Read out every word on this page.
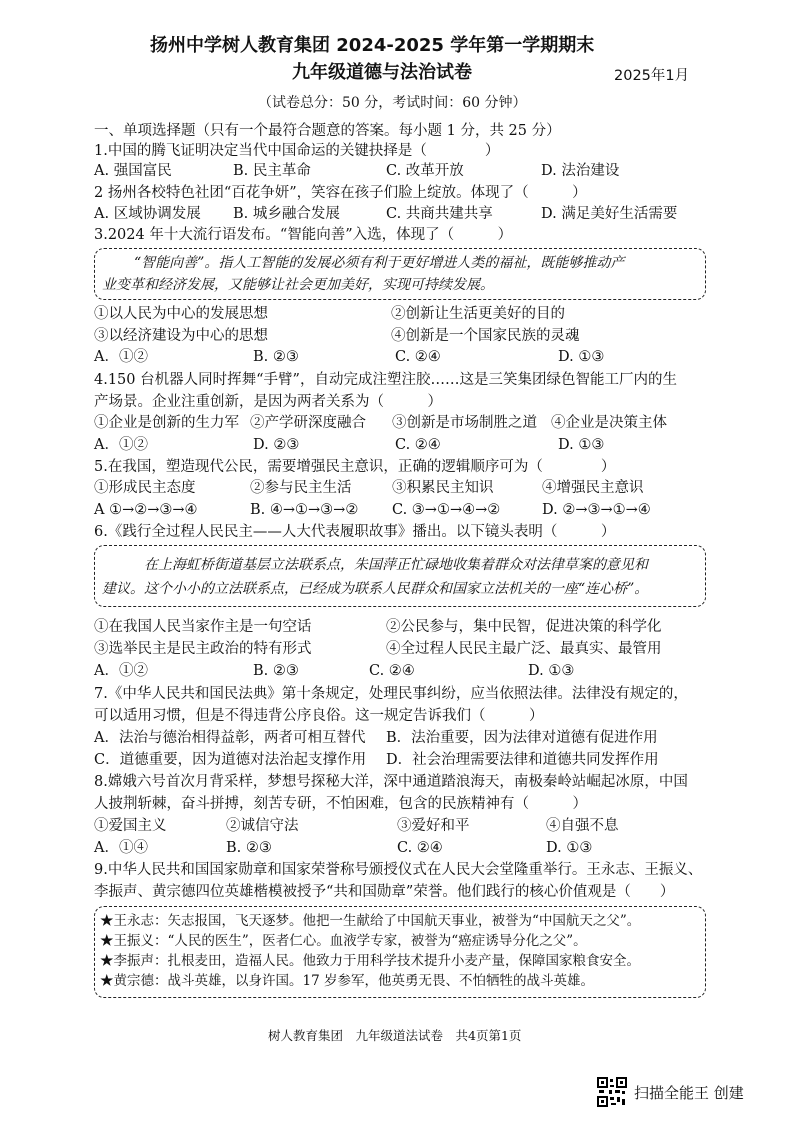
扬州中学树人教育集团 2024-2025 学年第一学期期末
九年级道德与法治试卷	2025年1月
（试卷总分：50 分，考试时间：60 分钟）
一、单项选择题（只有一个最符合题意的答案。每小题 1 分，共 25 分）
1.中国的腾飞证明决定当代中国命运的关键抉择是（　　　　）
A. 强国富民	B. 民主革命	C. 改革开放	D. 法治建设
2 扬州各校特色社团“百花争妍”，笑容在孩子们脸上绽放。体现了（　　　）
A. 区域协调发展 B. 城乡融合发展	C. 共商共建共享	D. 满足美好生活需要
3.2024 年十大流行语发布。“智能向善”入选，体现了（　　　）
“智能向善”。指人工智能的发展必须有利于更好增进人类的福祉，既能够推动产
业变革和经济发展，又能够让社会更加美好，实现可持续发展。
①以人民为中心的发展思想	②创新让生活更美好的目的
③以经济建设为中心的思想	④创新是一个国家民族的灵魂
A．①②	B. ②③	C. ②④	D. ①③
4.150 台机器人同时挥舞“手臂”，自动完成注塑注胶……这是三笑集团绿色智能工厂内的生
产场景。企业注重创新，是因为两者关系为（　　　）
①企业是创新的生力军 ②产学研深度融合 ③创新是市场制胜之道 ④企业是决策主体
A．①②	D. ②③	C. ②④	D. ①③
5.在我国，塑造现代公民，需要增强民主意识，正确的逻辑顺序可为（　　　　）
①形成民主态度	②参与民主生活	③积累民主知识	④增强民主意识
A ①→②→③→④	B. ④→①→③→② C. ③→①→④→②	D. ②→③→①→④
6.《践行全过程人民民主——人大代表履职故事》播出。以下镜头表明（　　　）
在上海虹桥街道基层立法联系点，朱国萍正忙碌地收集着群众对法律草案的意见和
建议。这个小小的立法联系点，已经成为联系人民群众和国家立法机关的一座“连心桥”。
①在我国人民当家作主是一句空话	②公民参与，集中民智，促进决策的科学化
③选举民主是民主政治的特有形式	④全过程人民民主最广泛、最真实、最管用
A．①②	B. ②③	C. ②④	D. ①③
7.《中华人民共和国民法典》第十条规定，处理民事纠纷，应当依照法律。法律没有规定的，
可以适用习惯，但是不得违背公序良俗。这一规定告诉我们（　　　）
A．法治与德治相得益彰，两者可相互替代 B．法治重要，因为法律对道德有促进作用
C．道德重要，因为道德对法治起支撑作用 D．社会治理需要法律和道德共同发挥作用
8.嫦娥六号首次月背采样，梦想号探秘大洋，深中通道踏浪海天，南极秦岭站崛起冰原，中国
人披荆斩棘，奋斗拼搏，刻苦专研，不怕困难，包含的民族精神有（　　　）
①爱国主义	②诚信守法	③爱好和平	④自强不息
A．①④	B. ②③	C. ②④	D. ①③
9.中华人民共和国国家勋章和国家荣誉称号颁授仪式在人民大会堂隆重举行。王永志、王振义、
李振声、黄宗德四位英雄楷模被授予“共和国勋章”荣誉。他们践行的核心价值观是（　　）
★王永志：矢志报国，飞天逐梦。他把一生献给了中国航天事业，被誉为“中国航天之父”。
★王振义：“人民的医生”，医者仁心。血液学专家，被誉为“癌症诱导分化之父”。
★李振声：扎根麦田，造福人民。他致力于用科学技术提升小麦产量，保障国家粮食安全。
★黄宗德：战斗英雄，以身许国。17 岁参军，他英勇无畏、不怕牺牲的战斗英雄。
树人教育集团　九年级道法试卷　共4页第1页
扫描全能王 创建
